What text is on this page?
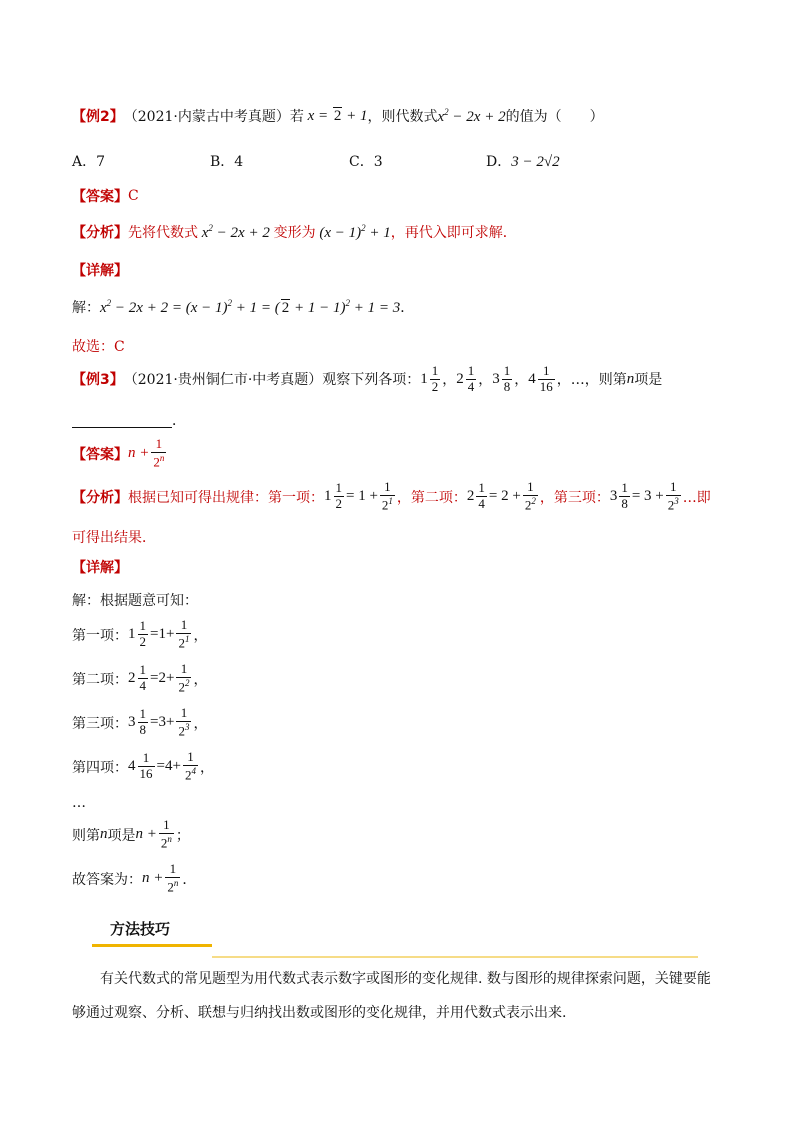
【例2】 （2021·内蒙古中考真题）若 x = 2 + 1 ，则代数式 $x^2 - 2x + 2$ 的值为（　　）
A．7	B．4	C．3	D．3 − 2√2
【答案】 C
【分析】 先将代数式 $x^2 - 2x + 2$ 变形为 $(x - 1)^2 + 1$ ，再代入即可求解．
【详解】
解： $x^2 - 2x + 2 = (x - 1)^2 + 1$ = ( 2 + 1 − 1)$^2$ + 1 = 3 ．
故选：C
【例3】 （2021·贵州铜仁市·中考真题）观察下列各项： $1 \frac{1}{2}$ ， $2 \frac{1}{4}$ ， $3 \frac{1}{8}$ ， $4 \frac{1}{16}$ ，…，则第 n 项是
．
【答案】 $n + \frac{1}{2^n}$
【分析】 根据已知可得出规律：第一项： $1 \frac{1}{2} = 1 + \frac{1}{2^1}$ ，第二项： $2 \frac{1}{4} = 2 + \frac{1}{2^2}$ ，第三项： $3 \frac{1}{8} = 3 + \frac{1}{2^3}$ …即
可得出结果．
【详解】
解：根据题意可知：
第一项： $1 \frac{1}{2} = 1 + \frac{1}{2^1}$ ，
第二项： $2 \frac{1}{4} = 2 + \frac{1}{2^2}$ ，
第三项： $3 \frac{1}{8} = 3 + \frac{1}{2^3}$ ，
第四项： $4 \frac{1}{16} = 4 + \frac{1}{2^4}$ ，
…
则第 n 项是 $n + \frac{1}{2^n}$ ；
故答案为： $n + \frac{1}{2^n}$ ．
方法技巧
有关代数式的常见题型为用代数式表示数字或图形的变化规律. 数与图形的规律探索问题，关键要能够通过观察、分析、联想与归纳找出数或图形的变化规律，并用代数式表示出来.
